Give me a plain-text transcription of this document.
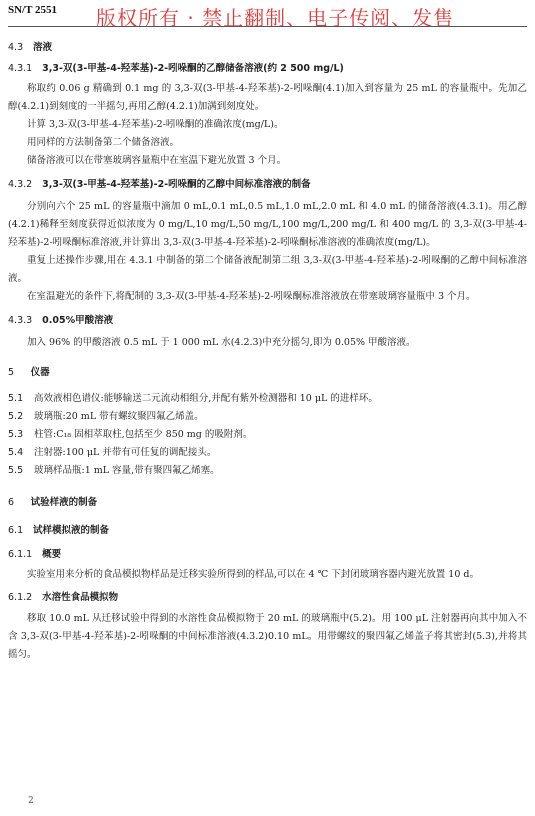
SN/T 2551 版权所有 · 禁止翻制、电子传阅、发售
4.3 溶液
4.3.1 3,3-双(3-甲基-4-羟苯基)-2-吲哚酮的乙醇储备溶液(约 2 500 mg/L)

称取约 0.06 g 精确到 0.1 mg 的 3,3-双(3-甲基-4-羟苯基)-2-吲哚酮(4.1)加入到容量为 25 mL 的容量瓶中。先加乙醇(4.2.1)到刻度的一半摇匀,再用乙醇(4.2.1)加满到刻度处。

计算 3,3-双(3-甲基-4-羟苯基)-2-吲哚酮的准确浓度(mg/L)。

用同样的方法制备第二个储备溶液。

储备溶液可以在带塞玻璃容量瓶中在室温下避光放置 3 个月。

4.3.2 3,3-双(3-甲基-4-羟苯基)-2-吲哚酮的乙醇中间标准溶液的制备

分别向六个 25 mL 的容量瓶中滴加 0 mL,0.1 mL,0.5 mL,1.0 mL,2.0 mL 和 4.0 mL 的储备溶液(4.3.1)。用乙醇(4.2.1)稀释至刻度获得近似浓度为 0 mg/L,10 mg/L,50 mg/L,100 mg/L,200 mg/L 和 400 mg/L 的 3,3-双(3-甲基-4-羟苯基)-2-吲哚酮标准溶液,并计算出 3,3-双(3-甲基-4-羟苯基)-2-吲哚酮标准溶液的准确浓度(mg/L)。

重复上述操作步骤,用在 4.3.1 中制备的第二个储备液配制第二组 3,3-双(3-甲基-4-羟苯基)-2-吲哚酮的乙醇中间标准溶液。

在室温避光的条件下,将配制的 3,3-双(3-甲基-4-羟苯基)-2-吲哚酮标准溶液放在带塞玻璃容量瓶中 3 个月。

4.3.3 0.05%甲酸溶液

加入 96% 的甲酸溶液 0.5 mL 于 1 000 mL 水(4.2.3)中充分摇匀,即为 0.05% 甲酸溶液。

5 仪器
5.1 高效液相色谱仪:能够输送二元流动相组分,并配有紫外检测器和 10 μL 的进样环。
5.2 玻璃瓶:20 mL 带有螺纹聚四氟乙烯盖。
5.3 柱管:C₁₈ 固相萃取柱,包括至少 850 mg 的吸附剂。
5.4 注射器:100 μL 并带有可任复的调配接头。
5.5 玻璃样品瓶:1 mL 容量,带有聚四氟乙烯塞。
6 试验样液的制备
6.1 试样模拟液的制备
6.1.1 概要

实验室用来分析的食品模拟物样品是迁移实验所得到的样品,可以在 4 ℃ 下封闭玻璃容器内避光放置 10 d。

6.1.2 水溶性食品模拟物

移取 10.0 mL 从迁移试验中得到的水溶性食品模拟物于 20 mL 的玻璃瓶中(5.2)。用 100 μL 注射器再向其中加入不含 3,3-双(3-甲基-4-羟苯基)-2-吲哚酮的中间标准溶液(4.3.2)0.10 mL。用带螺纹的聚四氟乙烯盖子将其密封(5.3),并将其摇匀。

2
